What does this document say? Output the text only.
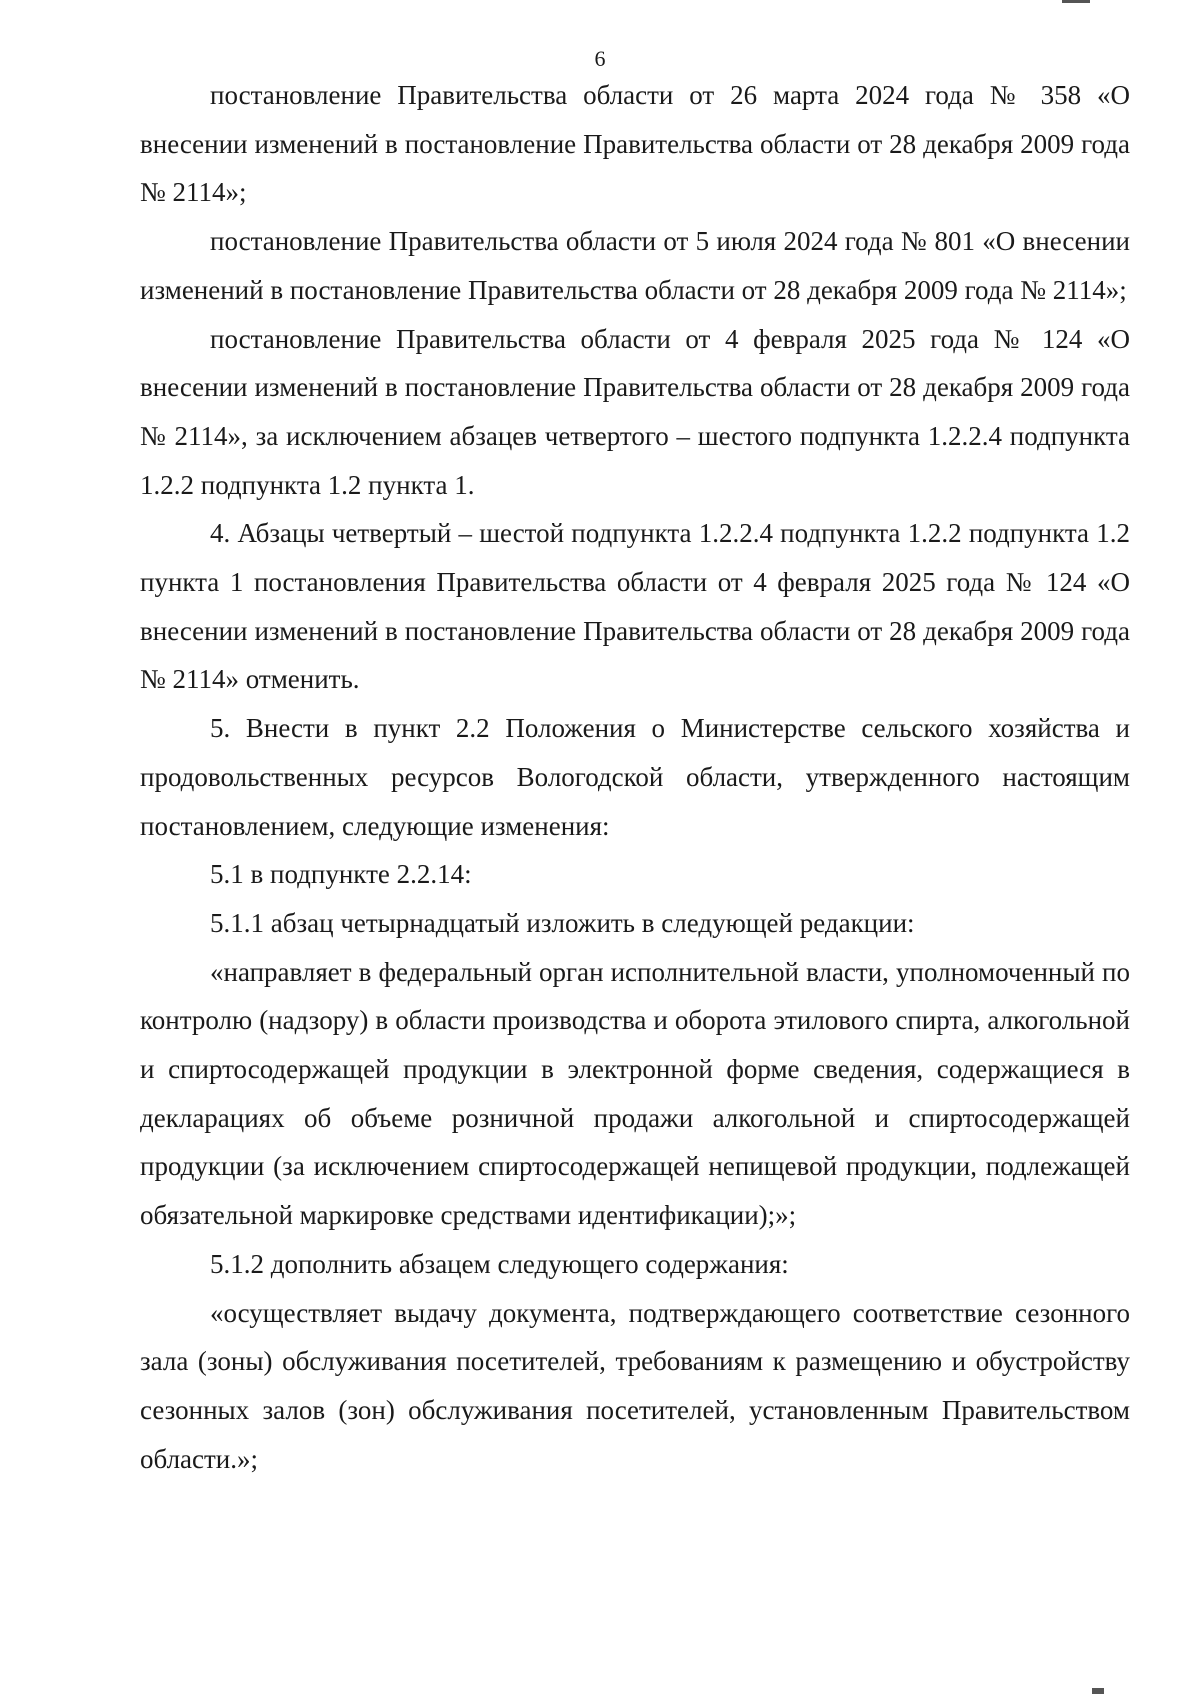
6

постановление Правительства области от 26 марта 2024 года № 358 «О внесении изменений в постановление Правительства области от 28 декабря 2009 года № 2114»;

постановление Правительства области от 5 июля 2024 года № 801 «О внесении изменений в постановление Правительства области от 28 декабря 2009 года № 2114»;

постановление Правительства области от 4 февраля 2025 года № 124 «О внесении изменений в постановление Правительства области от 28 декабря 2009 года № 2114», за исключением абзацев четвертого – шестого подпункта 1.2.2.4 подпункта 1.2.2 подпункта 1.2 пункта 1.

4. Абзацы четвертый – шестой подпункта 1.2.2.4 подпункта 1.2.2 подпункта 1.2 пункта 1 постановления Правительства области от 4 февраля 2025 года № 124 «О внесении изменений в постановление Правительства области от 28 декабря 2009 года № 2114» отменить.

5. Внести в пункт 2.2 Положения о Министерстве сельского хозяйства и продовольственных ресурсов Вологодской области, утвержденного настоящим постановлением, следующие изменения:

5.1 в подпункте 2.2.14:

5.1.1 абзац четырнадцатый изложить в следующей редакции:

«направляет в федеральный орган исполнительной власти, уполномоченный по контролю (надзору) в области производства и оборота этилового спирта, алкогольной и спиртосодержащей продукции в электронной форме сведения, содержащиеся в декларациях об объеме розничной продажи алкогольной и спиртосодержащей продукции (за исключением спиртосодержащей непищевой продукции, подлежащей обязательной маркировке средствами идентификации);»;

5.1.2 дополнить абзацем следующего содержания:

«осуществляет выдачу документа, подтверждающего соответствие сезонного зала (зоны) обслуживания посетителей, требованиям к размещению и обустройству сезонных залов (зон) обслуживания посетителей, установленным Правительством области.»;
